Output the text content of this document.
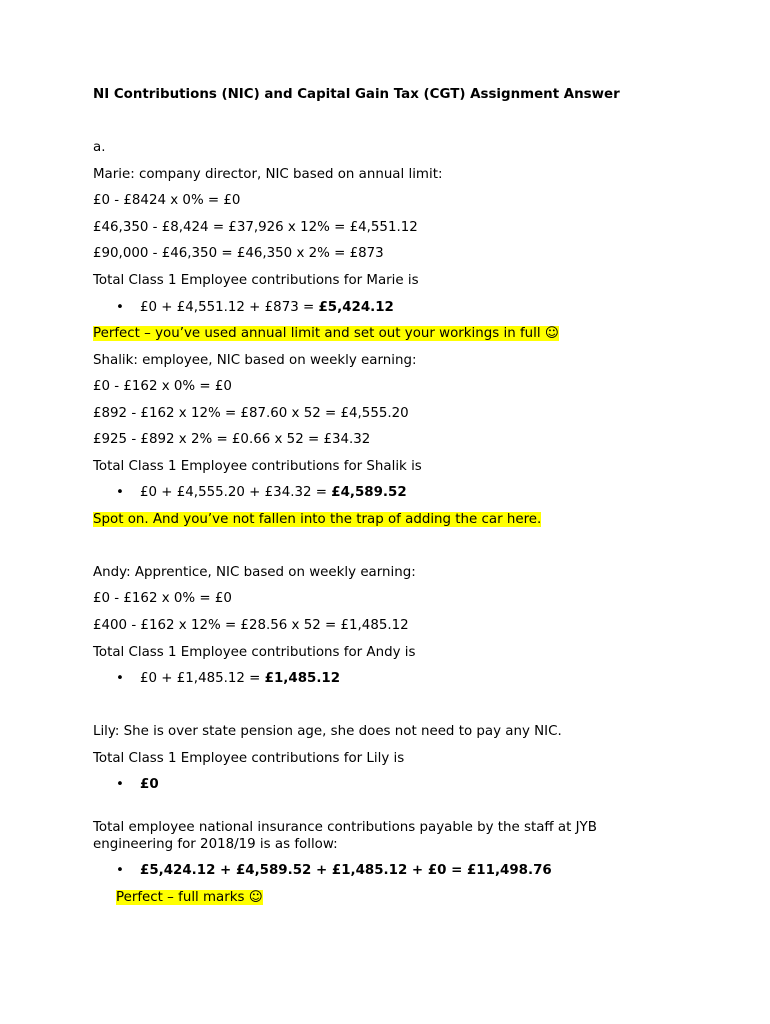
NI Contributions (NIC) and Capital Gain Tax (CGT) Assignment Answer
a.
Marie: company director, NIC based on annual limit:
£0 - £8424 x 0% = £0
£46,350 - £8,424 = £37,926 x 12% = £4,551.12
£90,000 - £46,350 = £46,350 x 2% = £873
Total Class 1 Employee contributions for Marie is
• £0 + £4,551.12 + £873 = £5,424.12
Perfect – you’ve used annual limit and set out your workings in full ☺
Shalik: employee, NIC based on weekly earning:
£0 - £162 x 0% = £0
£892 - £162 x 12% = £87.60 x 52 = £4,555.20
£925 - £892 x 2% = £0.66 x 52 = £34.32
Total Class 1 Employee contributions for Shalik is
• £0 + £4,555.20 + £34.32 = £4,589.52
Spot on. And you’ve not fallen into the trap of adding the car here.
Andy: Apprentice, NIC based on weekly earning:
£0 - £162 x 0% = £0
£400 - £162 x 12% = £28.56 x 52 = £1,485.12
Total Class 1 Employee contributions for Andy is
• £0 + £1,485.12 = £1,485.12
Lily: She is over state pension age, she does not need to pay any NIC.
Total Class 1 Employee contributions for Lily is
• £0
Total employee national insurance contributions payable by the staff at JYB engineering for 2018/19 is as follow:
• £5,424.12 + £4,589.52 + £1,485.12 + £0 = £11,498.76
Perfect – full marks ☺
